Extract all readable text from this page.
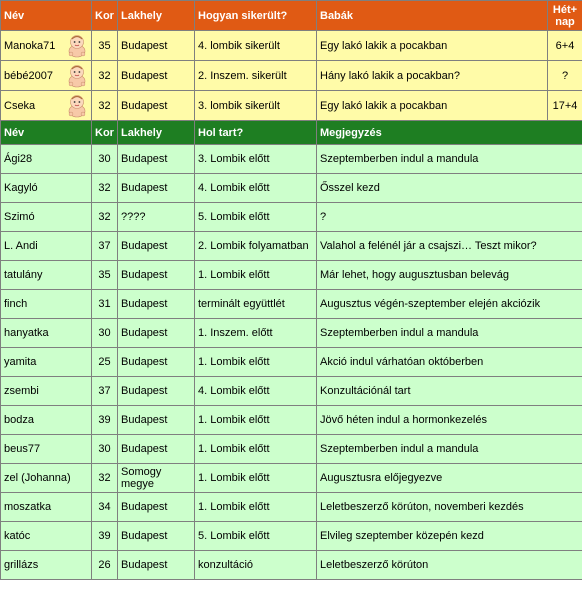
Név	Kor	Lakhely	Hogyan sikerült?	Babák	Hét+ nap

Manoka71	35	Budapest	4. lombik sikerült	Egy lakó lakik a pocakban	6+4

bébé2007	32	Budapest	2. Inszem. sikerült	Hány lakó lakik a pocakban?	?

Cseka	32	Budapest	3. lombik sikerült	Egy lakó lakik a pocakban	17+4
Név	Kor	Lakhely	Hol tart?	Megjegyzés	
Ági28	30	Budapest	3. Lombik előtt	Szeptemberben indul a mandula	
Kagyló	32	Budapest	4. Lombik előtt	Ősszel kezd	
Szimó	32	????	5. Lombik előtt	?	
L. Andi	37	Budapest	2. Lombik folyamatban	Valahol a felénél jár a csajszi… Teszt mikor?	
tatulány	35	Budapest	1. Lombik előtt	Már lehet, hogy augusztusban belevág	
finch	31	Budapest	terminált együttlét	Augusztus végén-szeptember elején akciózik	
hanyatka	30	Budapest	1. Inszem. előtt	Szeptemberben indul a mandula	
yamita	25	Budapest	1. Lombik előtt	Akció indul várhatóan októberben	
zsembi	37	Budapest	4. Lombik előtt	Konzultációnál tart	
bodza	39	Budapest	1. Lombik előtt	Jövő héten indul a hormonkezelés	
beus77	30	Budapest	1. Lombik előtt	Szeptemberben indul a mandula	
zel (Johanna)	32	Somogy megye	1. Lombik előtt	Augusztusra előjegyezve	
moszatka	34	Budapest	1. Lombik előtt	Leletbeszerző körúton, novemberi kezdés	
katóc	39	Budapest	5. Lombik előtt	Elvileg szeptember közepén kezd	
grillázs	26	Budapest	konzultáció	Leletbeszerző körúton	
